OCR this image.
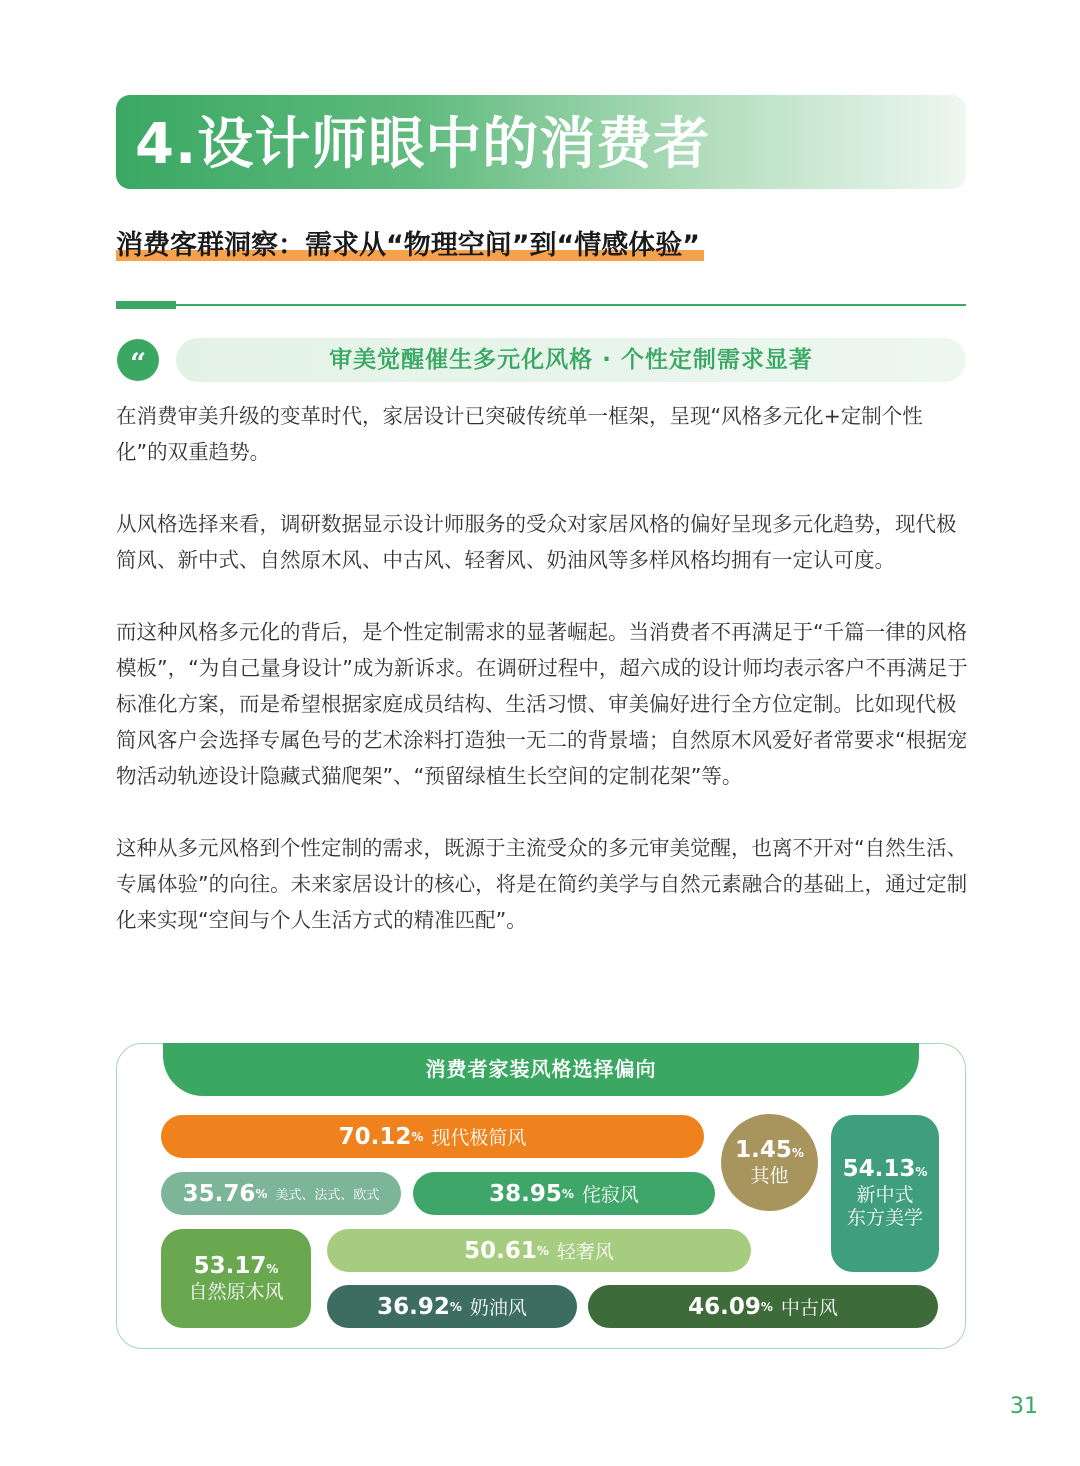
4.设计师眼中的消费者
消费客群洞察：需求从“物理空间”到“情感体验”
“	审美觉醒催生多元化风格 · 个性定制需求显著

在消费审美升级的变革时代，家居设计已突破传统单一框架，呈现“风格多元化+定制个性化”的双重趋势。

从风格选择来看，调研数据显示设计师服务的受众对家居风格的偏好呈现多元化趋势，现代极简风、新中式、自然原木风、中古风、轻奢风、奶油风等多样风格均拥有一定认可度。

而这种风格多元化的背后，是个性定制需求的显著崛起。当消费者不再满足于“千篇一律的风格模板”，“为自己量身设计”成为新诉求。在调研过程中，超六成的设计师均表示客户不再满足于标准化方案，而是希望根据家庭成员结构、生活习惯、审美偏好进行全方位定制。比如现代极简风客户会选择专属色号的艺术涂料打造独一无二的背景墙；自然原木风爱好者常要求“根据宠物活动轨迹设计隐藏式猫爬架”、“预留绿植生长空间的定制花架”等。

这种从多元风格到个性定制的需求，既源于主流受众的多元审美觉醒，也离不开对“自然生活、专属体验”的向往。未来家居设计的核心，将是在简约美学与自然元素融合的基础上，通过定制化来实现“空间与个人生活方式的精准匹配”。

消费者家装风格选择偏向
70.12 % 现代极简风
35.76 % 美式、法式、欧式	38.95 % 侘寂风
1.45 %
其他 54.13 %
新中式
东方美学
50.61 % 轻奢风
53.17 %
自然原木风
36.92 % 奶油风	46.09 % 中古风
31
